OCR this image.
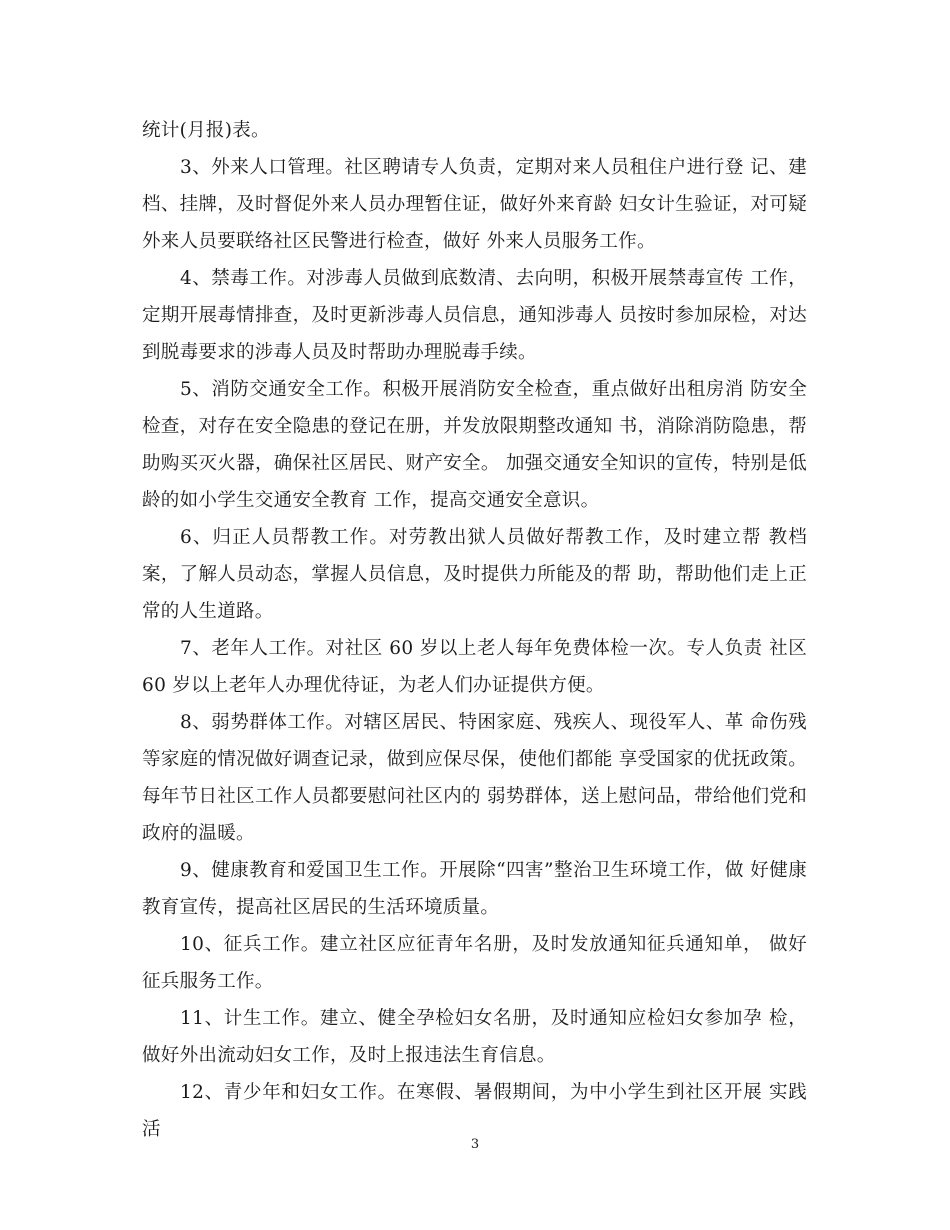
统计(月报)表。

3、外来人口管理。社区聘请专人负责，定期对来人员租住户进行登 记、建档、挂牌，及时督促外来人员办理暂住证，做好外来育龄 妇女计生验证，对可疑外来人员要联络社区民警进行检查，做好 外来人员服务工作。

4、禁毒工作。对涉毒人员做到底数清、去向明，积极开展禁毒宣传 工作，定期开展毒情排查，及时更新涉毒人员信息，通知涉毒人 员按时参加尿检，对达到脱毒要求的涉毒人员及时帮助办理脱毒手续。

5、消防交通安全工作。积极开展消防安全检查，重点做好出租房消 防安全检查，对存在安全隐患的登记在册，并发放限期整改通知 书，消除消防隐患，帮助购买灭火器，确保社区居民、财产安全。 加强交通安全知识的宣传，特别是低龄的如小学生交通安全教育 工作，提高交通安全意识。

6、归正人员帮教工作。对劳教出狱人员做好帮教工作，及时建立帮 教档案，了解人员动态，掌握人员信息，及时提供力所能及的帮 助，帮助他们走上正常的人生道路。

7、老年人工作。对社区 60 岁以上老人每年免费体检一次。专人负责 社区 60 岁以上老年人办理优待证，为老人们办证提供方便。

8、弱势群体工作。对辖区居民、特困家庭、残疾人、现役军人、革 命伤残等家庭的情况做好调查记录，做到应保尽保，使他们都能 享受国家的优抚政策。每年节日社区工作人员都要慰问社区内的 弱势群体，送上慰问品，带给他们党和政府的温暖。

9、健康教育和爱国卫生工作。开展除“四害”整治卫生环境工作，做 好健康教育宣传，提高社区居民的生活环境质量。

10、征兵工作。建立社区应征青年名册，及时发放通知征兵通知单， 做好征兵服务工作。

11、计生工作。建立、健全孕检妇女名册，及时通知应检妇女参加孕 检，做好外出流动妇女工作，及时上报违法生育信息。

12、青少年和妇女工作。在寒假、暑假期间，为中小学生到社区开展 实践活

3
